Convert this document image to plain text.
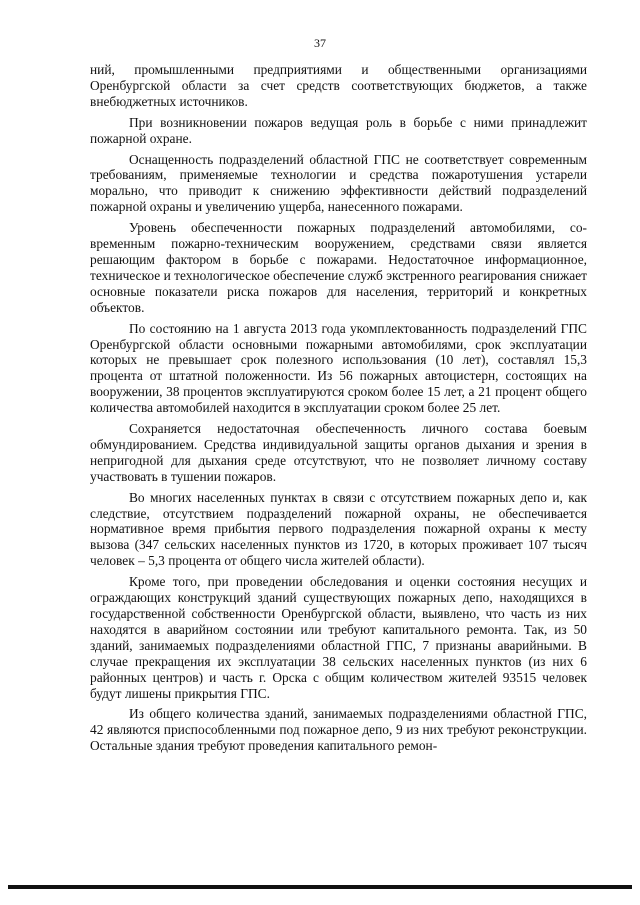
37

ний, промышленными предприятиями и общественными организациями Оренбургской области за счет средств соответствующих бюджетов, а также внебюджетных источников.

При возникновении пожаров ведущая роль в борьбе с ними принадлежит пожарной охране.

Оснащенность подразделений областной ГПС не соответствует современным требованиям, применяемые технологии и средства пожаротушения устарели морально, что приводит к снижению эффективности действий подразделений пожарной охраны и увеличению ущерба, нанесенного пожарами.

Уровень обеспеченности пожарных подразделений автомобилями, современным пожарно-техническим вооружением, средствами связи является решающим фактором в борьбе с пожарами. Недостаточное информационное, техническое и технологическое обеспечение служб экстренного реагирования снижает основные показатели риска пожаров для населения, территорий и конкретных объектов.

По состоянию на 1 августа 2013 года укомплектованность подразделений ГПС Оренбургской области основными пожарными автомобилями, срок эксплуатации которых не превышает срок полезного использования (10 лет), составлял 15,3 процента от штатной положенности. Из 56 пожарных автоцистерн, состоящих на вооружении, 38 процентов эксплуатируются сроком более 15 лет, а 21 процент общего количества автомобилей находится в эксплуатации сроком более 25 лет.

Сохраняется недостаточная обеспеченность личного состава боевым обмундированием. Средства индивидуальной защиты органов дыхания и зрения в непригодной для дыхания среде отсутствуют, что не позволяет личному составу участвовать в тушении пожаров.

Во многих населенных пунктах в связи с отсутствием пожарных депо и, как следствие, отсутствием подразделений пожарной охраны, не обеспечивается нормативное время прибытия первого подразделения пожарной охраны к месту вызова (347 сельских населенных пунктов из 1720, в которых проживает 107 тысяч человек – 5,3 процента от общего числа жителей области).

Кроме того, при проведении обследования и оценки состояния несущих и ограждающих конструкций зданий существующих пожарных депо, находящихся в государственной собственности Оренбургской области, выявлено, что часть из них находятся в аварийном состоянии или требуют капитального ремонта. Так, из 50 зданий, занимаемых подразделениями областной ГПС, 7 признаны аварийными. В случае прекращения их эксплуатации 38 сельских населенных пунктов (из них 6 районных центров) и часть г. Орска с общим количеством жителей 93515 человек будут лишены прикрытия ГПС.

Из общего количества зданий, занимаемых подразделениями областной ГПС, 42 являются приспособленными под пожарное депо, 9 из них требуют реконструкции. Остальные здания требуют проведения капитального ремон-
